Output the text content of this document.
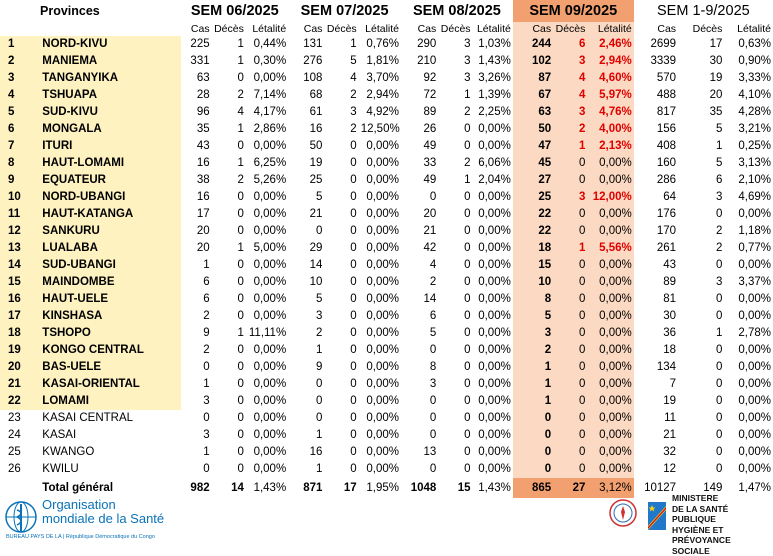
Provinces		SEM 06/2025			SEM 07/2025			SEM 08/2025			SEM 09/2025			SEM 1-9/2025		
		Cas	Décès	Létalité	Cas	Décès	Létalité	Cas	Décès	Létalité	Cas	Décès	Létalité	Cas	Décès	Létalité
1	NORD-KIVU	225	1	0,44%	131	1	0,76%	290	3	1,03%	244	6	2,46%	2699	17	0,63%
2	MANIEMA	331	1	0,30%	276	5	1,81%	210	3	1,43%	102	3	2,94%	3339	30	0,90%
3	TANGANYIKA	63	0	0,00%	108	4	3,70%	92	3	3,26%	87	4	4,60%	570	19	3,33%
4	TSHUAPA	28	2	7,14%	68	2	2,94%	72	1	1,39%	67	4	5,97%	488	20	4,10%
5	SUD-KIVU	96	4	4,17%	61	3	4,92%	89	2	2,25%	63	3	4,76%	817	35	4,28%
6	MONGALA	35	1	2,86%	16	2	12,50%	26	0	0,00%	50	2	4,00%	156	5	3,21%
7	ITURI	43	0	0,00%	50	0	0,00%	49	0	0,00%	47	1	2,13%	408	1	0,25%
8	HAUT-LOMAMI	16	1	6,25%	19	0	0,00%	33	2	6,06%	45	0	0,00%	160	5	3,13%
9	EQUATEUR	38	2	5,26%	25	0	0,00%	49	1	2,04%	27	0	0,00%	286	6	2,10%
10	NORD-UBANGI	16	0	0,00%	5	0	0,00%	0	0	0,00%	25	3	12,00%	64	3	4,69%
11	HAUT-KATANGA	17	0	0,00%	21	0	0,00%	20	0	0,00%	22	0	0,00%	176	0	0,00%
12	SANKURU	20	0	0,00%	0	0	0,00%	21	0	0,00%	22	0	0,00%	170	2	1,18%
13	LUALABA	20	1	5,00%	29	0	0,00%	42	0	0,00%	18	1	5,56%	261	2	0,77%
14	SUD-UBANGI	1	0	0,00%	14	0	0,00%	4	0	0,00%	15	0	0,00%	43	0	0,00%
15	MAINDOMBE	6	0	0,00%	10	0	0,00%	2	0	0,00%	10	0	0,00%	89	3	3,37%
16	HAUT-UELE	6	0	0,00%	5	0	0,00%	14	0	0,00%	8	0	0,00%	81	0	0,00%
17	KINSHASA	2	0	0,00%	3	0	0,00%	6	0	0,00%	5	0	0,00%	30	0	0,00%
18	TSHOPO	9	1	11,11%	2	0	0,00%	5	0	0,00%	3	0	0,00%	36	1	2,78%
19	KONGO CENTRAL	2	0	0,00%	1	0	0,00%	0	0	0,00%	2	0	0,00%	18	0	0,00%
20	BAS-UELE	0	0	0,00%	9	0	0,00%	8	0	0,00%	1	0	0,00%	134	0	0,00%
21	KASAI-ORIENTAL	1	0	0,00%	0	0	0,00%	3	0	0,00%	1	0	0,00%	7	0	0,00%
22	LOMAMI	3	0	0,00%	0	0	0,00%	0	0	0,00%	1	0	0,00%	19	0	0,00%
23	KASAI CENTRAL	0	0	0,00%	0	0	0,00%	0	0	0,00%	0	0	0,00%	11	0	0,00%
24	KASAI	3	0	0,00%	1	0	0,00%	0	0	0,00%	0	0	0,00%	21	0	0,00%
25	KWANGO	1	0	0,00%	16	0	0,00%	13	0	0,00%	0	0	0,00%	32	0	0,00%
26	KWILU	0	0	0,00%	1	0	0,00%	0	0	0,00%	0	0	0,00%	12	0	0,00%
	Total général	982	14	1,43%	871	17	1,95%	1048	15	1,43%	865	27	3,12%	10127	149	1,47%
Organisation
mondiale de la Santé
BUREAU PAYS DE LA | République Démocratique du Congo
MINISTERE
DE LA SANTÉ PUBLIQUE
HYGIÈNE ET PRÉVOYANCE
SOCIALE
